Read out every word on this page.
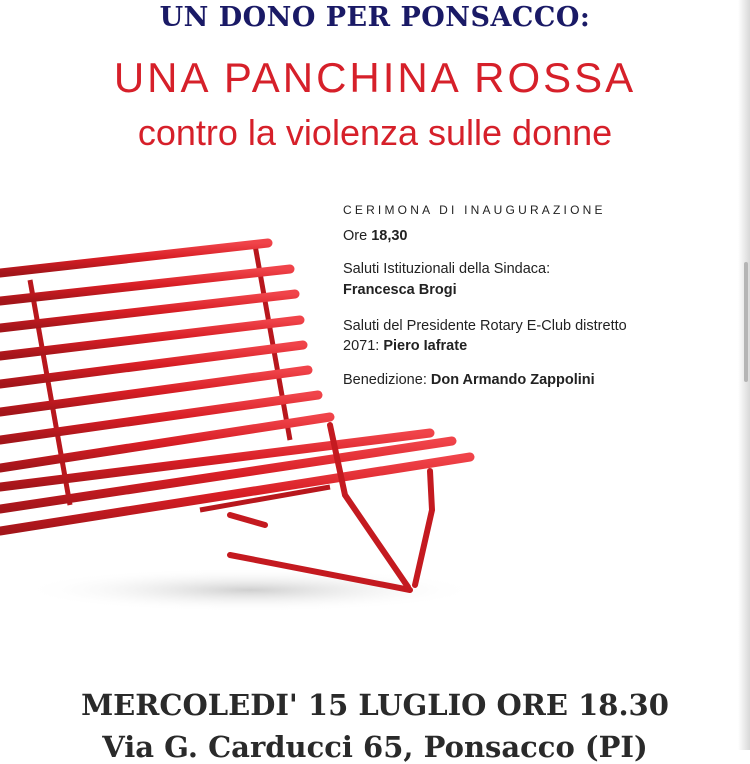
UN DONO PER PONSACCO:
UNA PANCHINA ROSSA
contro la violenza sulle donne
CERIMONA DI INAUGURAZIONE
Ore 18,30
Saluti Istituzionali della Sindaca:
Francesca Brogi
Saluti del Presidente Rotary E-Club distretto
2071: Piero Iafrate
Benedizione: Don Armando Zappolini
MERCOLEDI' 15 LUGLIO ORE 18.30
Via G. Carducci 65, Ponsacco (PI)
